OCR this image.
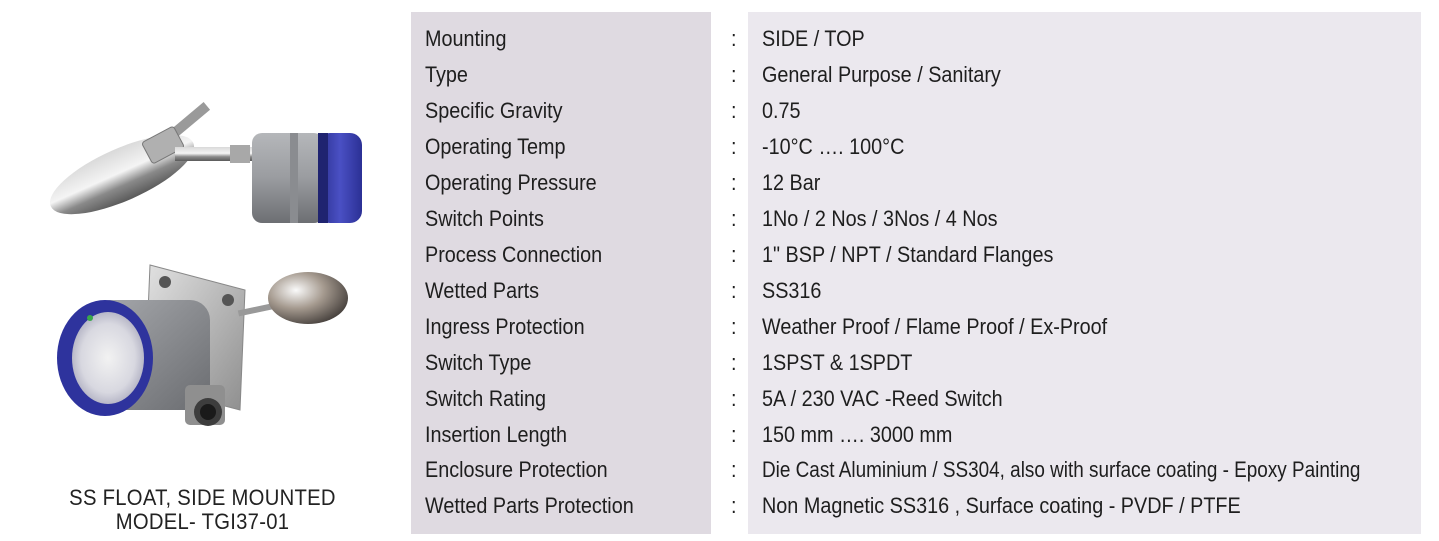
SS FLOAT, SIDE MOUNTED
MODEL- TGI37-01
Mounting	: SIDE / TOP
Type	: General Purpose / Sanitary
Specific Gravity	: 0.75
Operating Temp	: -10°C …. 100°C
Operating Pressure	: 12 Bar
Switch Points	: 1No / 2 Nos / 3Nos / 4 Nos
Process Connection	: 1" BSP / NPT / Standard Flanges
Wetted Parts	: SS316
Ingress Protection	: Weather Proof / Flame Proof / Ex-Proof
Switch Type	: 1SPST & 1SPDT
Switch Rating	: 5A / 230 VAC -Reed Switch
Insertion Length	: 150 mm …. 3000 mm
Enclosure Protection	: Die Cast Aluminium / SS304, also with surface coating - Epoxy Painting
Wetted Parts Protection	: Non Magnetic SS316 , Surface coating - PVDF / PTFE
